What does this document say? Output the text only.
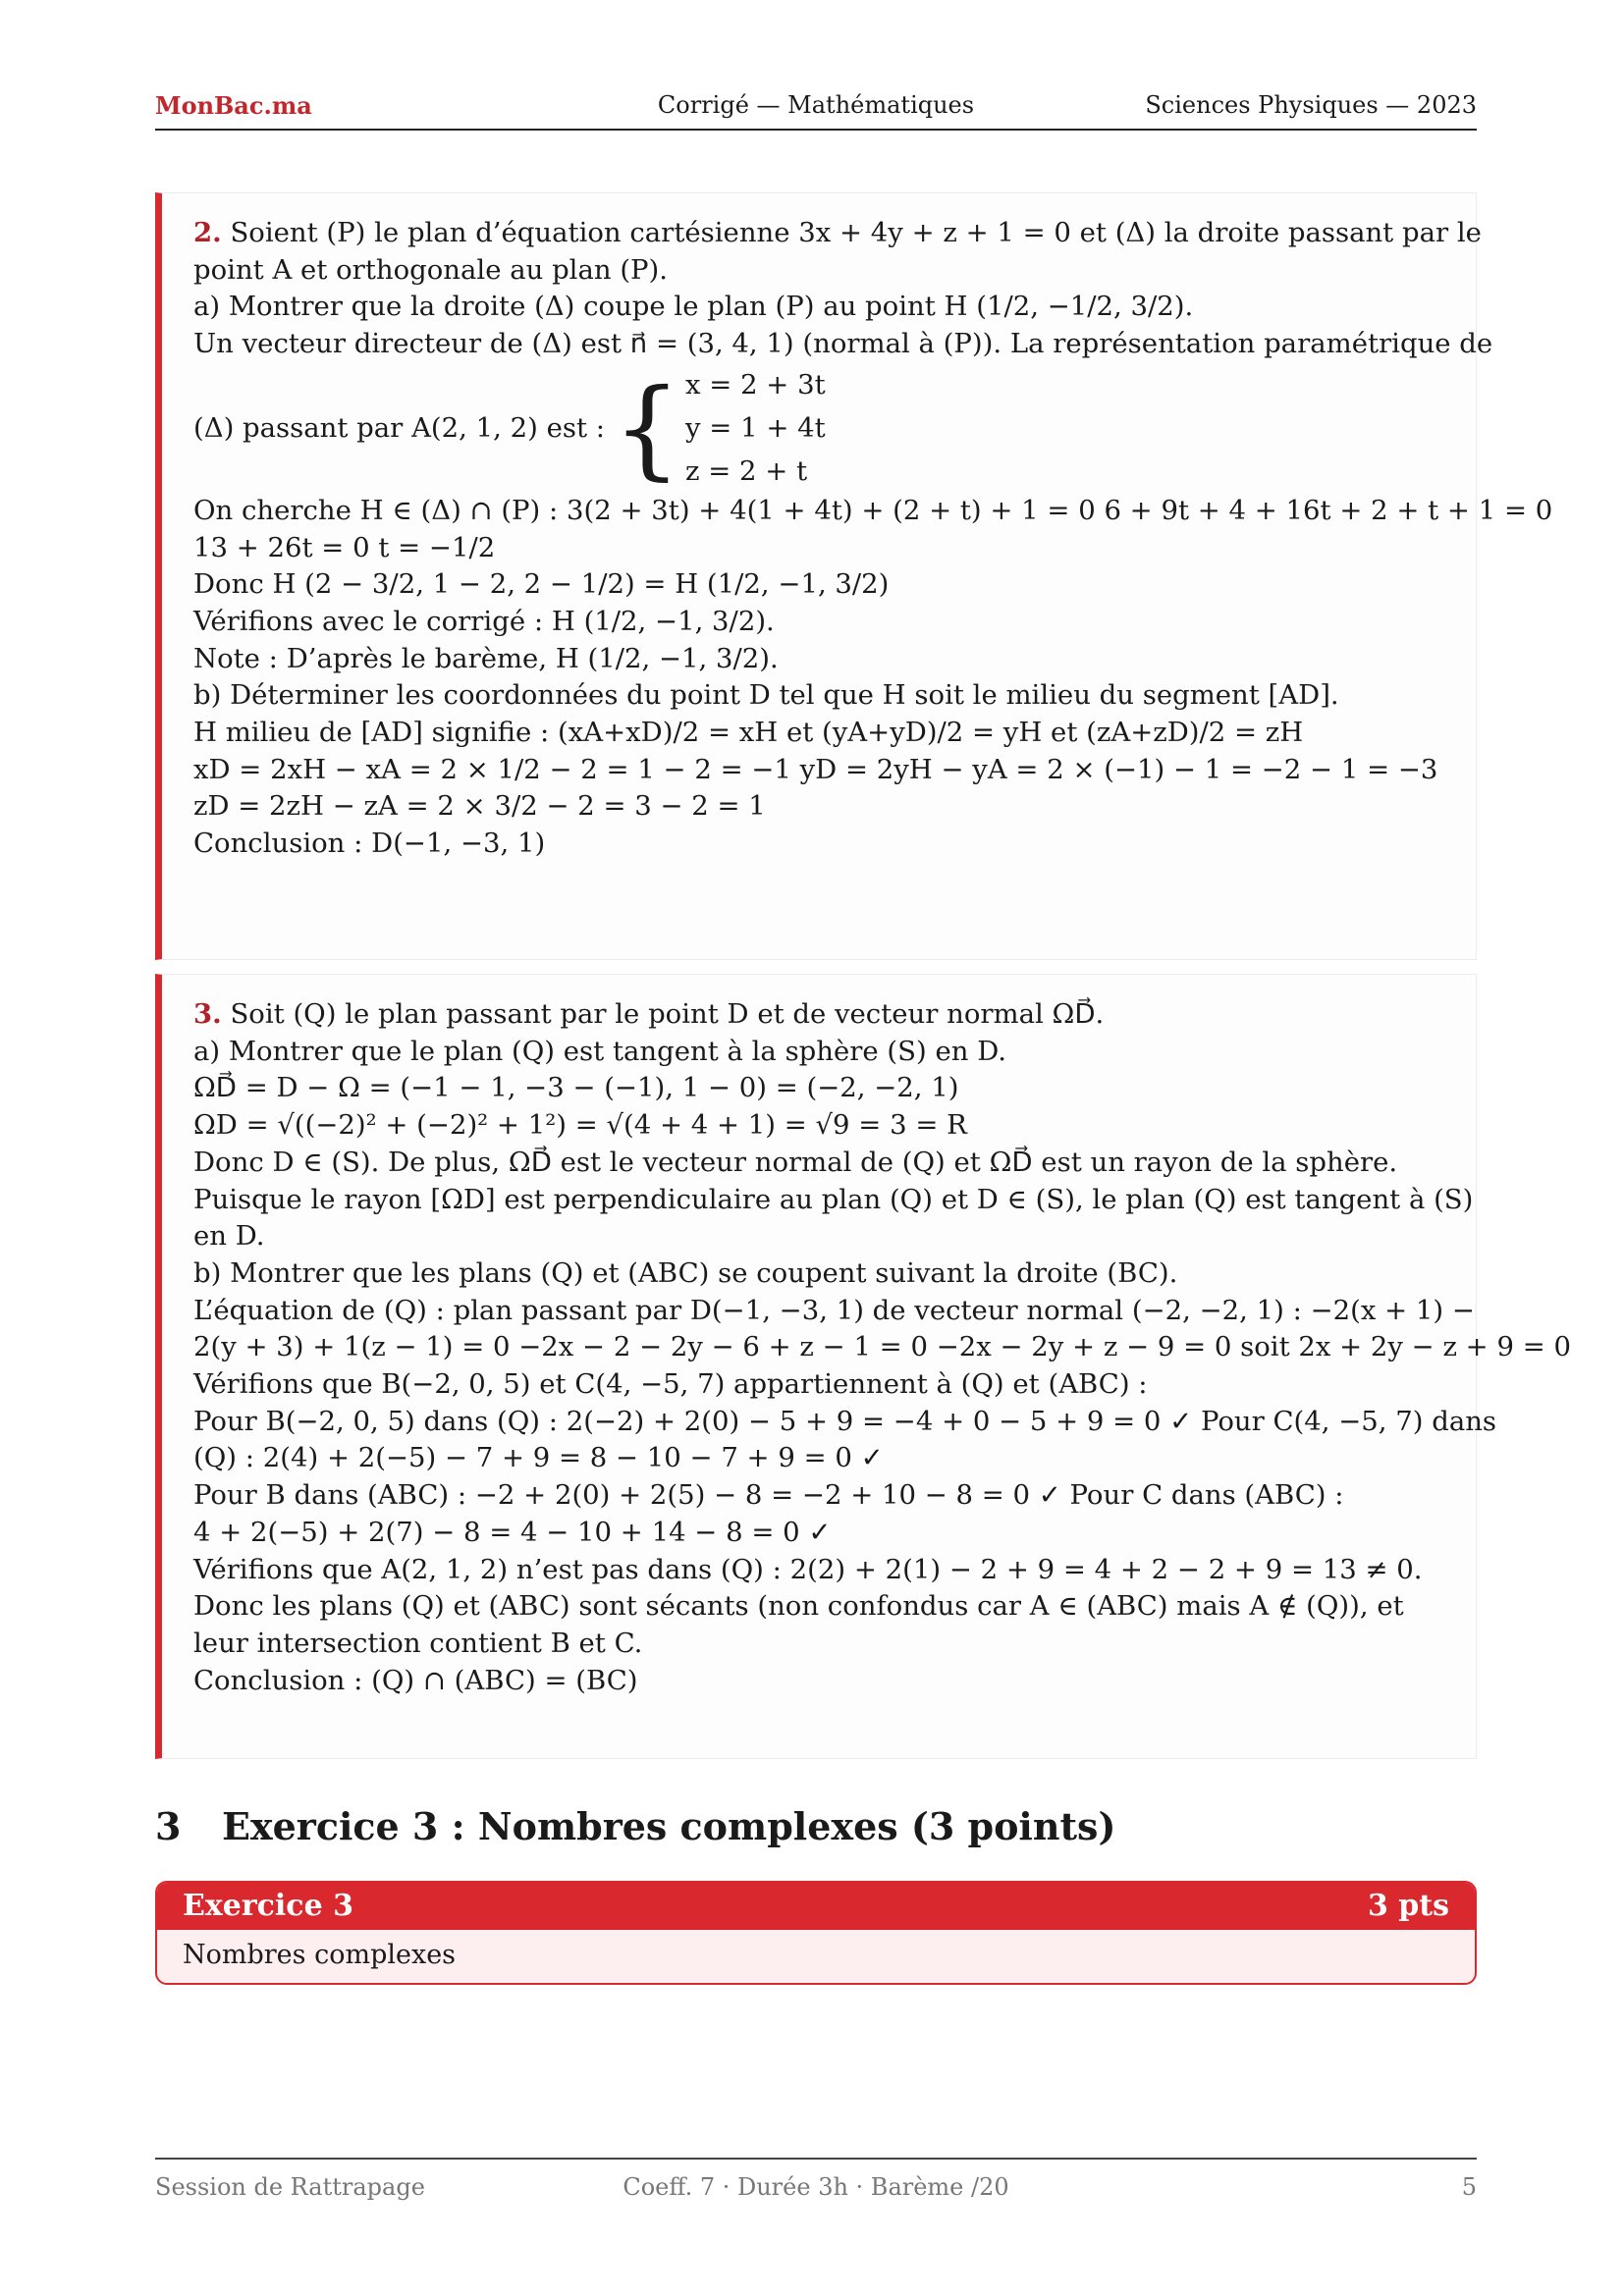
MonBac.ma	Corrigé — Mathématiques	Sciences Physiques — 2023
2. Soient (P) le plan d’équation cartésienne 3x + 4y + z + 1 = 0 et (Δ) la droite passant par le
point A et orthogonale au plan (P).
a) Montrer que la droite (Δ) coupe le plan (P) au point H (1/2, −1/2, 3/2).
Un vecteur directeur de (Δ) est n⃗ = (3, 4, 1) (normal à (P)). La représentation paramétrique de
(Δ) passant par A(2, 1, 2) est : { x = 2 + 3t
y = 1 + 4t
z = 2 + t
On cherche H ∈ (Δ) ∩ (P) : 3(2 + 3t) + 4(1 + 4t) + (2 + t) + 1 = 0 6 + 9t + 4 + 16t + 2 + t + 1 = 0
13 + 26t = 0 t = −1/2
Donc H (2 − 3/2, 1 − 2, 2 − 1/2) = H (1/2, −1, 3/2)
Vérifions avec le corrigé : H (1/2, −1, 3/2).
Note : D’après le barème, H (1/2, −1, 3/2).
b) Déterminer les coordonnées du point D tel que H soit le milieu du segment [AD].
H milieu de [AD] signifie : (xA+xD)/2 = xH et (yA+yD)/2 = yH et (zA+zD)/2 = zH
xD = 2xH − xA = 2 × 1/2 − 2 = 1 − 2 = −1 yD = 2yH − yA = 2 × (−1) − 1 = −2 − 1 = −3
zD = 2zH − zA = 2 × 3/2 − 2 = 3 − 2 = 1
Conclusion : D(−1, −3, 1)
3. Soit (Q) le plan passant par le point D et de vecteur normal ΩD⃗.
a) Montrer que le plan (Q) est tangent à la sphère (S) en D.
ΩD⃗ = D − Ω = (−1 − 1, −3 − (−1), 1 − 0) = (−2, −2, 1)
ΩD = √((−2)² + (−2)² + 1²) = √(4 + 4 + 1) = √9 = 3 = R
Donc D ∈ (S). De plus, ΩD⃗ est le vecteur normal de (Q) et ΩD⃗ est un rayon de la sphère.
Puisque le rayon [ΩD] est perpendiculaire au plan (Q) et D ∈ (S), le plan (Q) est tangent à (S)
en D.
b) Montrer que les plans (Q) et (ABC) se coupent suivant la droite (BC).
L’équation de (Q) : plan passant par D(−1, −3, 1) de vecteur normal (−2, −2, 1) : −2(x + 1) −
2(y + 3) + 1(z − 1) = 0 −2x − 2 − 2y − 6 + z − 1 = 0 −2x − 2y + z − 9 = 0 soit 2x + 2y − z + 9 = 0
Vérifions que B(−2, 0, 5) et C(4, −5, 7) appartiennent à (Q) et (ABC) :
Pour B(−2, 0, 5) dans (Q) : 2(−2) + 2(0) − 5 + 9 = −4 + 0 − 5 + 9 = 0 ✓ Pour C(4, −5, 7) dans
(Q) : 2(4) + 2(−5) − 7 + 9 = 8 − 10 − 7 + 9 = 0 ✓
Pour B dans (ABC) : −2 + 2(0) + 2(5) − 8 = −2 + 10 − 8 = 0 ✓ Pour C dans (ABC) :
4 + 2(−5) + 2(7) − 8 = 4 − 10 + 14 − 8 = 0 ✓
Vérifions que A(2, 1, 2) n’est pas dans (Q) : 2(2) + 2(1) − 2 + 9 = 4 + 2 − 2 + 9 = 13 ≠ 0.
Donc les plans (Q) et (ABC) sont sécants (non confondus car A ∈ (ABC) mais A ∉ (Q)), et
leur intersection contient B et C.
Conclusion : (Q) ∩ (ABC) = (BC)
3 Exercice 3 : Nombres complexes (3 points)
Exercice 3	3 pts
Nombres complexes
Session de Rattrapage	Coeff. 7 · Durée 3h · Barème /20	5
